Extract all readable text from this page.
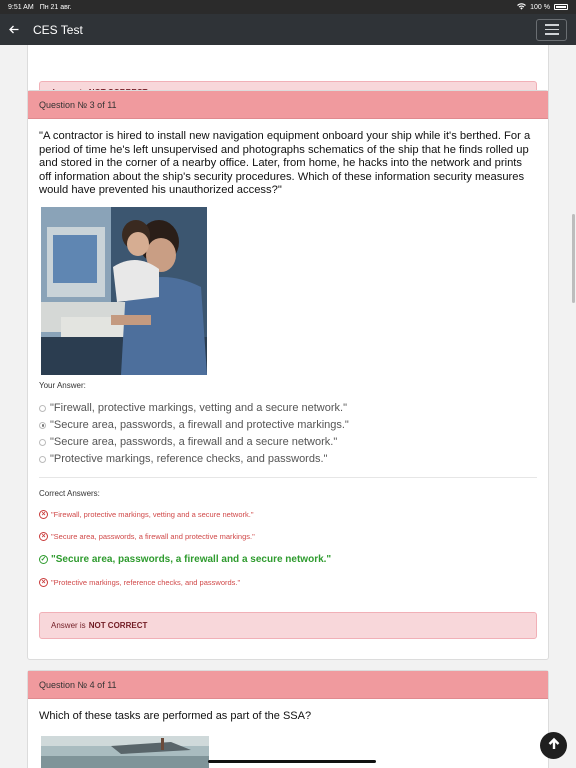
9:51 AM Пн 21 авг.	100 %
CES Test
Question № 3 of 11
"A contractor is hired to install new navigation equipment onboard your ship while it's berthed. For a period of time he's left unsupervised and photographs schematics of the ship that he finds rolled up and stored in the corner of a nearby office. Later, from home, he hacks into the network and prints off information about the ship's security procedures. Which of these information security measures would have prevented his unauthorized access?"
Your Answer:
"Firewall, protective markings, vetting and a secure network."
"Secure area, passwords, a firewall and protective markings."
"Secure area, passwords, a firewall and a secure network."
"Protective markings, reference checks, and passwords."
Correct Answers:
× "Firewall, protective markings, vetting and a secure network."
× "Secure area, passwords, a firewall and protective markings."
✓ "Secure area, passwords, a firewall and a secure network."
× "Protective markings, reference checks, and passwords."
Answer is NOT CORRECT
Question № 4 of 11
Which of these tasks are performed as part of the SSA?
